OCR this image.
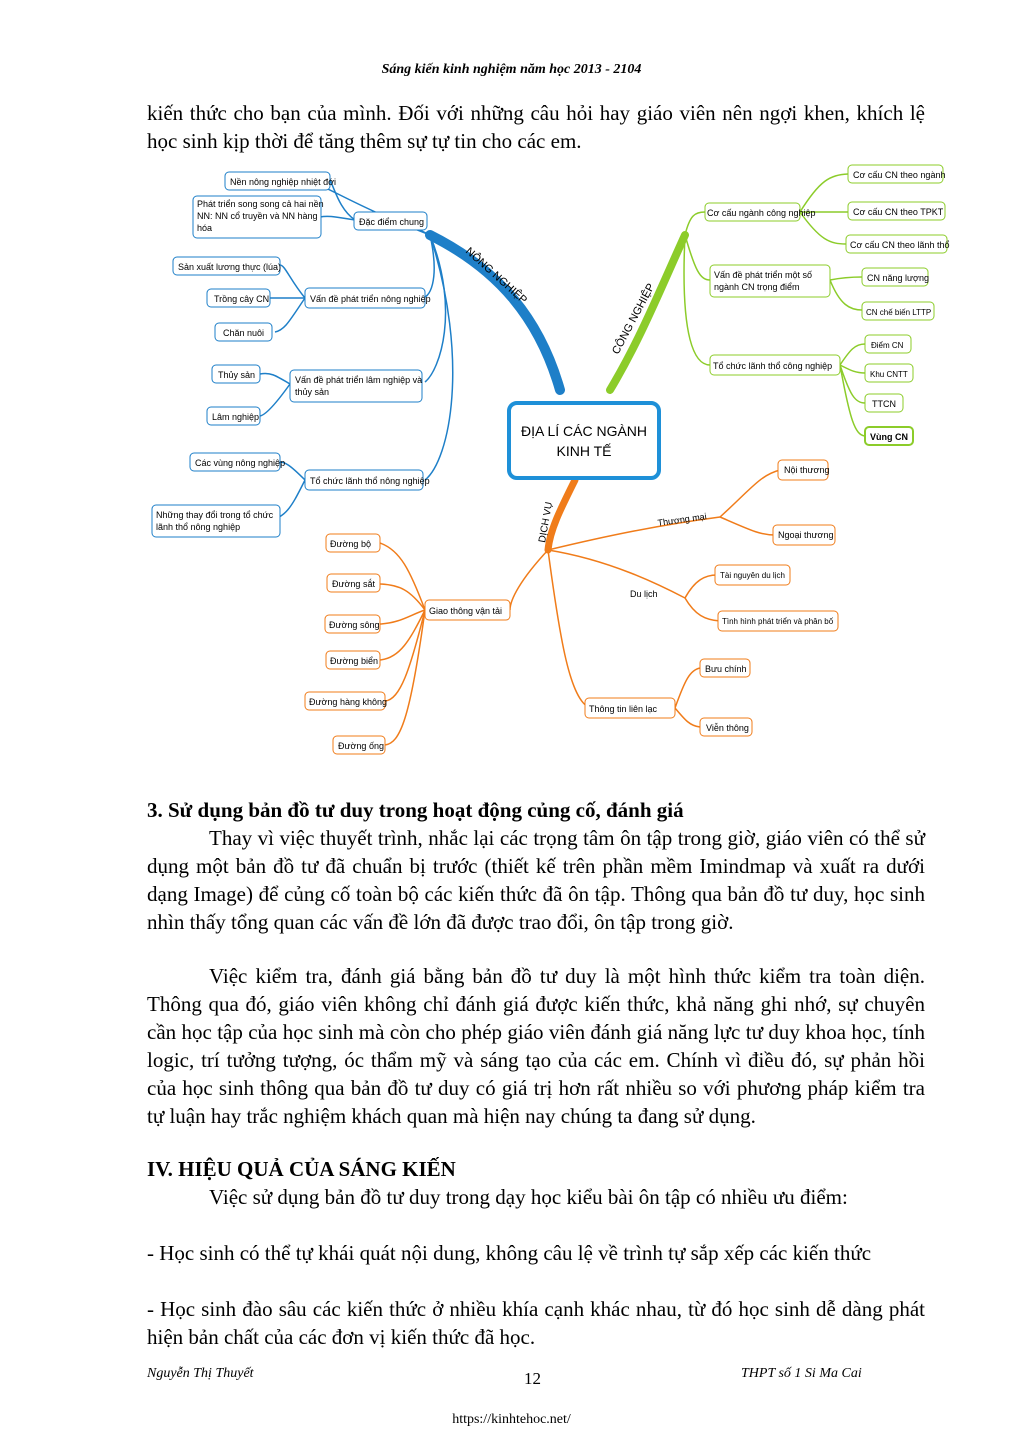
Sáng kiến kinh nghiệm năm học 2013 - 2104
kiến thức cho bạn của mình. Đối với những câu hỏi hay giáo viên nên ngợi khen, khích lệ học sinh kịp thời để tăng thêm sự tự tin cho các em.
Nền nông nghiệp nhiệt đới
Phát triển song song cả hai nền
NN: NN cổ truyền và NN hàng
hóa
Đặc điểm chung
Sản xuất lương thực (lúa)
Trồng cây CN
Chăn nuôi
Vấn đề phát triển nông nghiệp
Thủy sản
Lâm nghiệp
Vấn đề phát triển lâm nghiệp và
thủy sản
Các vùng nông nghiệp
Những thay đổi trong tổ chức
lãnh thổ nông nghiệp
Tổ chức lãnh thổ nông nghiệp
Cơ cấu CN theo ngành
Cơ cấu CN theo TPKT
Cơ cấu CN theo lãnh thổ
Cơ cấu ngành công nghiệp
CN năng lượng
CN chế biến LTTP
Vấn đề phát triển một số
ngành CN trọng điểm
Điểm CN
Khu CNTT
TTCN
Vùng CN
Tổ chức lãnh thổ công nghiệp
Thương mại
Nội thương
Ngoại thương
Du lịch
Tài nguyên du lịch
Tình hình phát triển và phân bố
Đường bộ
Đường sắt
Đường sông
Đường biển
Đường hàng không
Đường ống
Giao thông vận tải
Bưu chính
Viễn thông
Thông tin liên lạc
NÔNG NGHIỆP
CÔNG NGHIỆP
DỊCH VỤ
ĐỊA LÍ CÁC NGÀNH
KINH TẾ
3. Sử dụng bản đồ tư duy trong hoạt động củng cố, đánh giá
Thay vì việc thuyết trình, nhắc lại các trọng tâm ôn tập trong giờ, giáo viên có thể sử dụng một bản đồ tư đã chuẩn bị trước (thiết kế trên phần mềm Imindmap và xuất ra dưới dạng Image) để củng cố toàn bộ các kiến thức đã ôn tập. Thông qua bản đồ tư duy, học sinh nhìn thấy tổng quan các vấn đề lớn đã được trao đổi, ôn tập trong giờ.
Việc kiểm tra, đánh giá bằng bản đồ tư duy là một hình thức kiểm tra toàn diện. Thông qua đó, giáo viên không chỉ đánh giá được kiến thức, khả năng ghi nhớ, sự chuyên cần học tập của học sinh mà còn cho phép giáo viên đánh giá năng lực tư duy khoa học, tính logic, trí tưởng tượng, óc thẩm mỹ và sáng tạo của các em. Chính vì điều đó, sự phản hồi của học sinh thông qua bản đồ tư duy có giá trị hơn rất nhiều so với phương pháp kiểm tra tự luận hay trắc nghiệm khách quan mà hiện nay chúng ta đang sử dụng.
IV. HIỆU QUẢ CỦA SÁNG KIẾN
Việc sử dụng bản đồ tư duy trong dạy học kiểu bài ôn tập có nhiều ưu điểm:
- Học sinh có thể tự khái quát nội dung, không câu lệ về trình tự sắp xếp các kiến thức
- Học sinh đào sâu các kiến thức ở nhiều khía cạnh khác nhau, từ đó học sinh dễ dàng phát hiện bản chất của các đơn vị kiến thức đã học.
Nguyễn Thị Thuyết	12	THPT số 1 Si Ma Cai
https://kinhtehoc.net/
